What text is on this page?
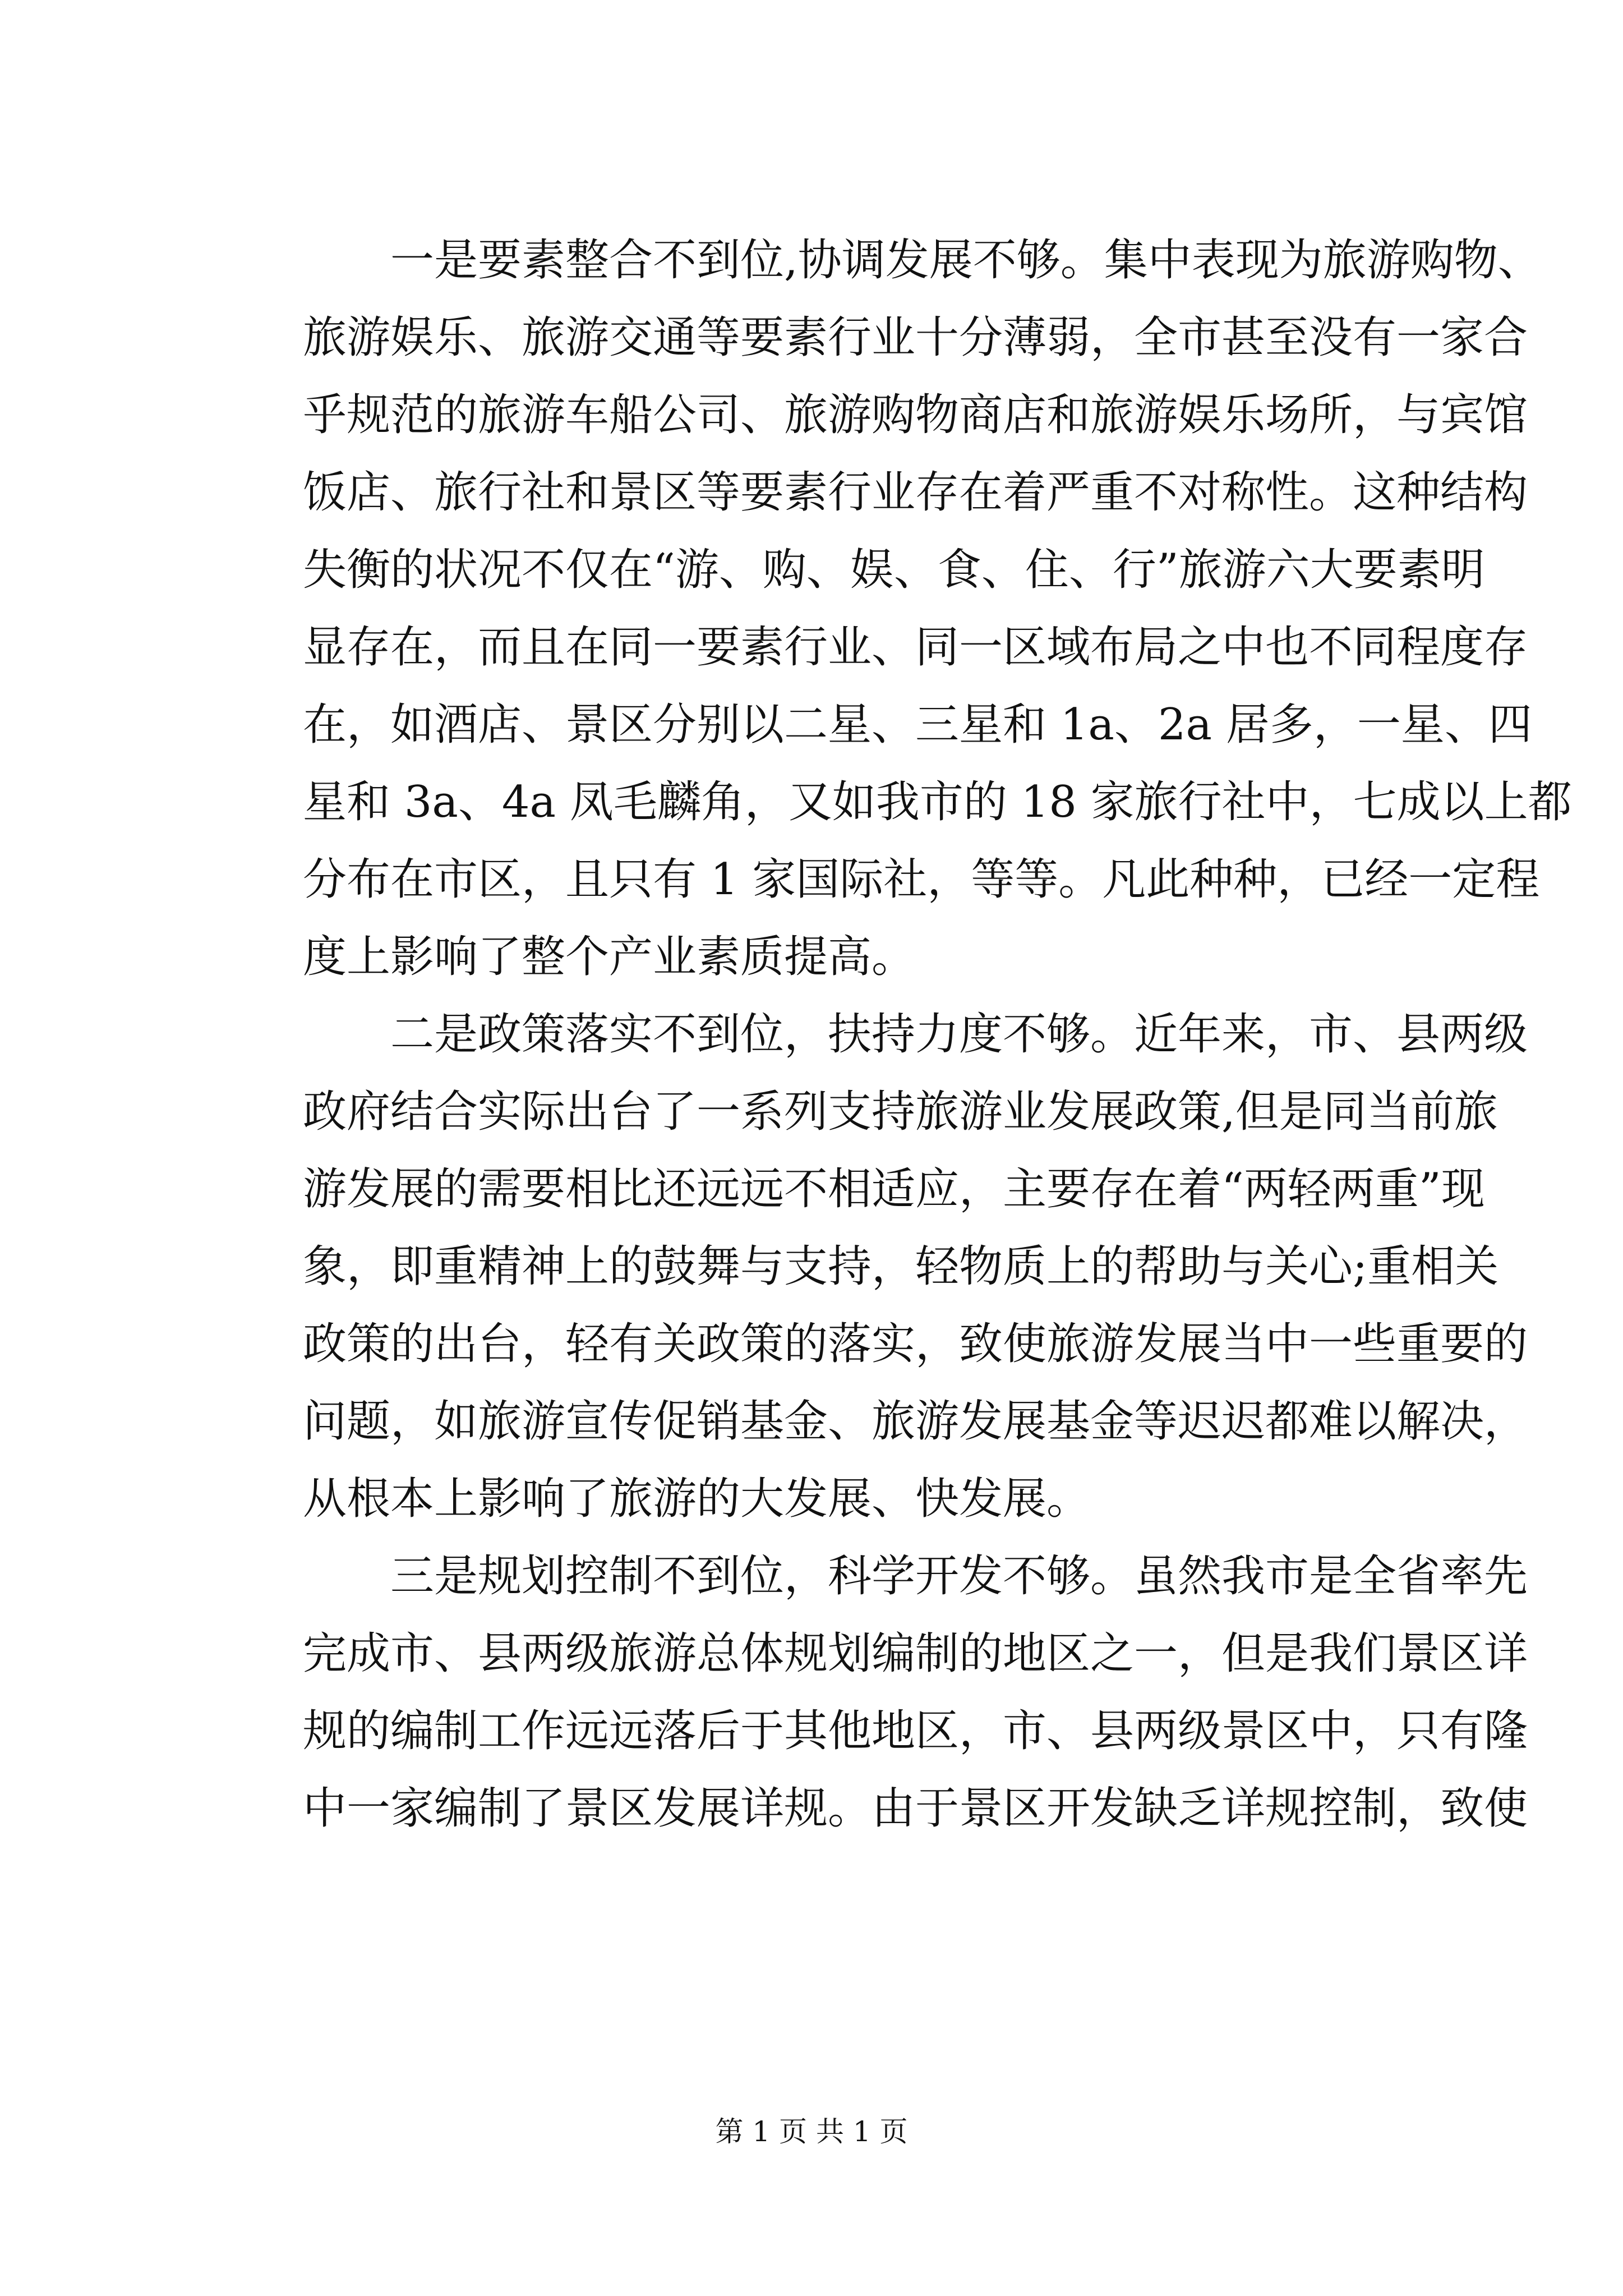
一是要素整合不到位,协调发展不够。集中表现为旅游购物、
旅游娱乐、旅游交通等要素行业十分薄弱，全市甚至没有一家合
乎规范的旅游车船公司、旅游购物商店和旅游娱乐场所，与宾馆
饭店、旅行社和景区等要素行业存在着严重不对称性。这种结构
失衡的状况不仅在“游、购、娱、食、住、行”旅游六大要素明
显存在，而且在同一要素行业、同一区域布局之中也不同程度存
在，如酒店、景区分别以二星、三星和 1a、2a 居多，一星、四
星和 3a、4a 凤毛麟角，又如我市的 18 家旅行社中，七成以上都
分布在市区，且只有 1 家国际社，等等。凡此种种，已经一定程
度上影响了整个产业素质提高。
二是政策落实不到位，扶持力度不够。近年来，市、县两级
政府结合实际出台了一系列支持旅游业发展政策,但是同当前旅
游发展的需要相比还远远不相适应，主要存在着“两轻两重”现
象，即重精神上的鼓舞与支持，轻物质上的帮助与关心;重相关
政策的出台，轻有关政策的落实，致使旅游发展当中一些重要的
问题，如旅游宣传促销基金、旅游发展基金等迟迟都难以解决，
从根本上影响了旅游的大发展、快发展。
三是规划控制不到位，科学开发不够。虽然我市是全省率先
完成市、县两级旅游总体规划编制的地区之一，但是我们景区详
规的编制工作远远落后于其他地区，市、县两级景区中，只有隆
中一家编制了景区发展详规。由于景区开发缺乏详规控制，致使
第 1 页 共 1 页
